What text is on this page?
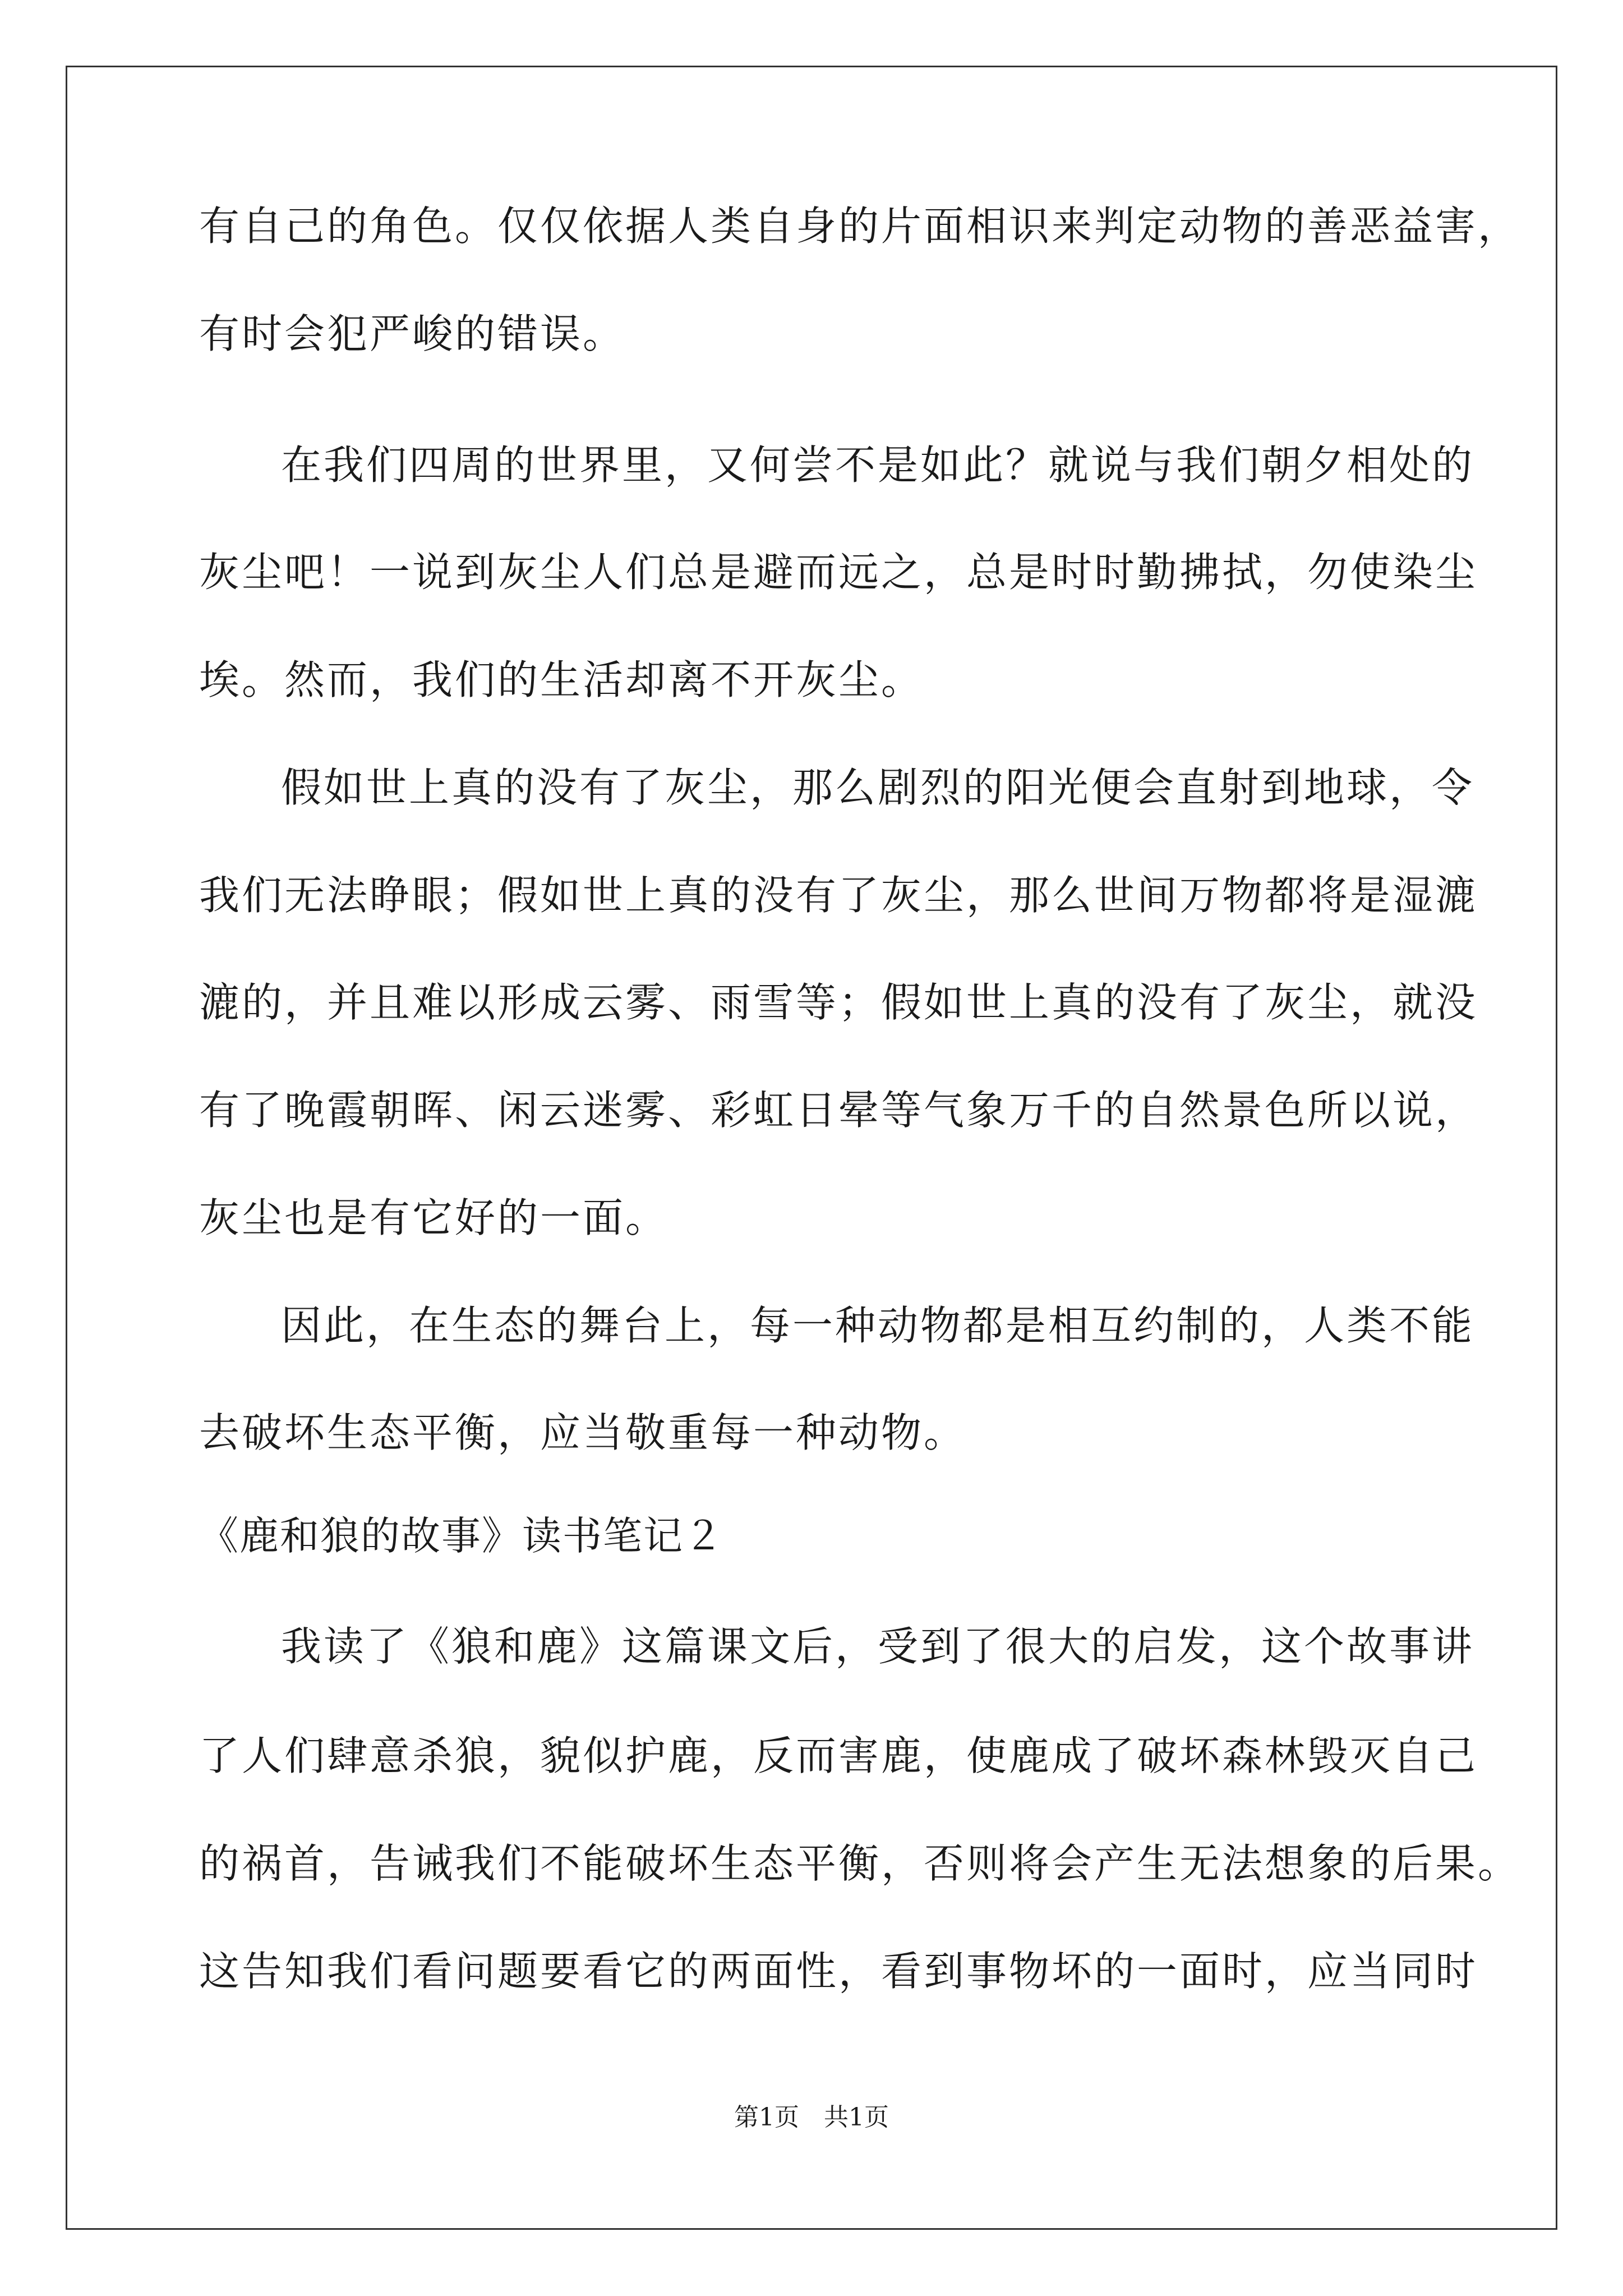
有自己的角色。仅仅依据人类自身的片面相识来判定动物的善恶益害，
有时会犯严峻的错误。
在我们四周的世界里，又何尝不是如此？就说与我们朝夕相处的
灰尘吧！一说到灰尘人们总是避而远之，总是时时勤拂拭，勿使染尘
埃。然而，我们的生活却离不开灰尘。
假如世上真的没有了灰尘，那么剧烈的阳光便会直射到地球，令
我们无法睁眼；假如世上真的没有了灰尘，那么世间万物都将是湿漉
漉的，并且难以形成云雾、雨雪等；假如世上真的没有了灰尘，就没
有了晚霞朝晖、闲云迷雾、彩虹日晕等气象万千的自然景色所以说，
灰尘也是有它好的一面。
因此，在生态的舞台上，每一种动物都是相互约制的，人类不能
去破坏生态平衡，应当敬重每一种动物。
《鹿和狼的故事》读书笔记２
我读了《狼和鹿》这篇课文后，受到了很大的启发，这个故事讲
了人们肆意杀狼，貌似护鹿，反而害鹿，使鹿成了破坏森林毁灭自己
的祸首，告诫我们不能破坏生态平衡，否则将会产生无法想象的后果。
这告知我们看问题要看它的两面性，看到事物坏的一面时，应当同时
第1页　共1页
